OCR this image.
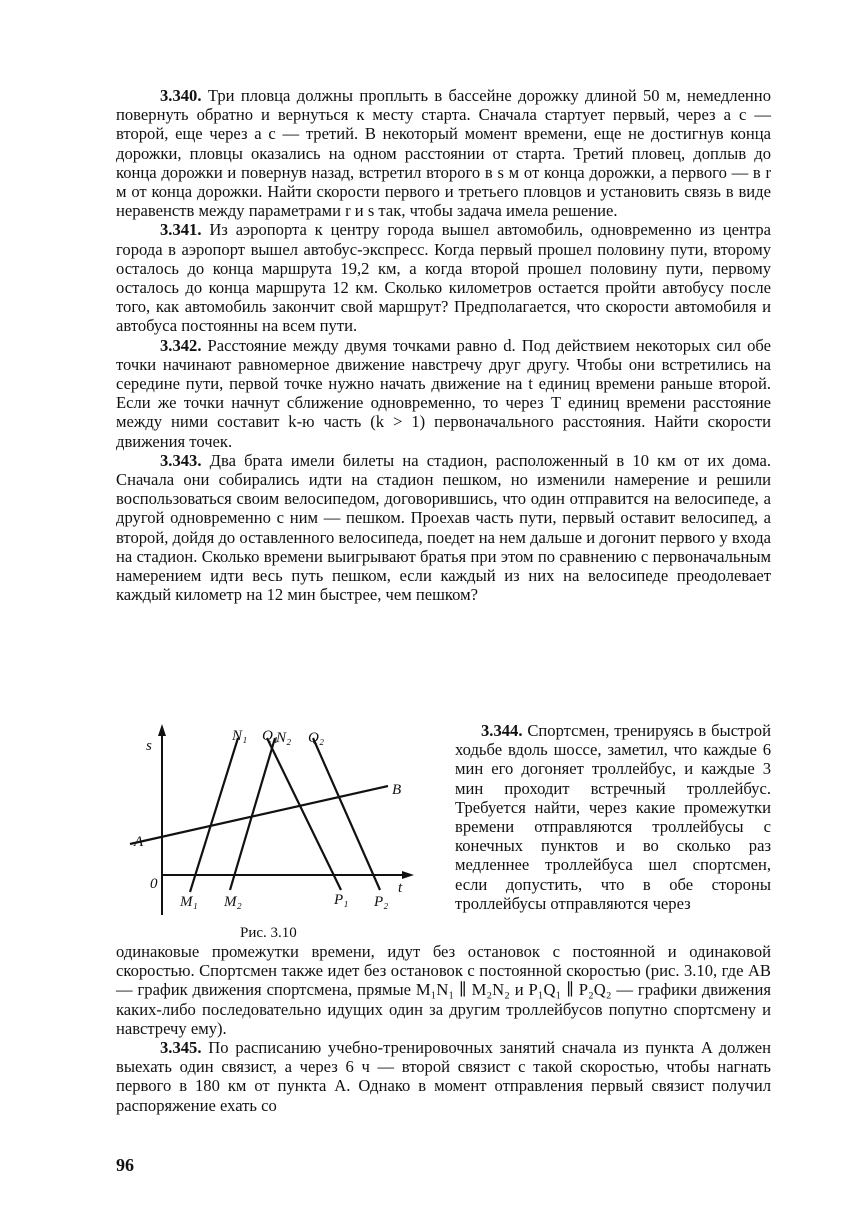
3.340. Три пловца должны проплыть в бассейне дорожку длиной 50 м, немедленно повернуть обратно и вернуться к месту старта. Сначала стартует первый, через a с — второй, еще через a с — третий. В некоторый момент времени, еще не достигнув конца дорожки, пловцы оказались на одном расстоянии от старта. Третий пловец, доплыв до конца дорожки и повернув назад, встретил второго в s м от конца дорожки, а первого — в r м от конца дорожки. Найти скорости первого и третьего пловцов и установить связь в виде неравенств между параметрами r и s так, чтобы задача имела решение.

3.341. Из аэропорта к центру города вышел автомобиль, одновременно из центра города в аэропорт вышел автобус-экспресс. Когда первый прошел половину пути, второму осталось до конца маршрута 19,2 км, а когда второй прошел половину пути, первому осталось до конца маршрута 12 км. Сколько километров остается пройти автобусу после того, как автомобиль закончит свой маршрут? Предполагается, что скорости автомобиля и автобуса постоянны на всем пути.

3.342. Расстояние между двумя точками равно d. Под действием некоторых сил обе точки начинают равномерное движение навстречу друг другу. Чтобы они встретились на середине пути, первой точке нужно начать движение на t единиц времени раньше второй. Если же точки начнут сближение одновременно, то через T единиц времени расстояние между ними составит k-ю часть (k > 1) первоначального расстояния. Найти скорости движения точек.

3.343. Два брата имели билеты на стадион, расположенный в 10 км от их дома. Сначала они собирались идти на стадион пешком, но изменили намерение и решили воспользоваться своим велосипедом, договорившись, что один отправится на велосипеде, а другой одновременно с ним — пешком. Проехав часть пути, первый оставит велосипед, а второй, дойдя до оставленного велосипеда, поедет на нем дальше и догонит первого у входа на стадион. Сколько времени выигрывают братья при этом по сравнению с первоначальным намерением идти весь путь пешком, если каждый из них на велосипеде преодолевает каждый километр на 12 мин быстрее, чем пешком?

s
t
0
A
B
N₁ Q₁
N₂ Q₂
M₁ M₂	P₁ P₂
Рис. 3.10

3.344. Спортсмен, тренируясь в быстрой ходьбе вдоль шоссе, заметил, что каждые 6 мин его догоняет троллейбус, и каждые 3 мин проходит встречный троллейбус. Требуется найти, через какие промежутки времени отправляются троллейбусы с конечных пунктов и во сколько раз медленнее троллейбуса шел спортсмен, если допустить, что в обе стороны троллейбусы отправляются через

одинаковые промежутки времени, идут без остановок с постоянной и одинаковой скоростью. Спортсмен также идет без остановок с постоянной скоростью (рис. 3.10, где AB — график движения спортсмена, прямые M₁N₁ ∥ M₂N₂ и P₁Q₁ ∥ P₂Q₂ — графики движения каких-либо последовательно идущих один за другим троллейбусов попутно спортсмену и навстречу ему).

3.345. По расписанию учебно-тренировочных занятий сначала из пункта A должен выехать один связист, а через 6 ч — второй связист с такой скоростью, чтобы нагнать первого в 180 км от пункта A. Однако в момент отправления первый связист получил распоряжение ехать со

96
